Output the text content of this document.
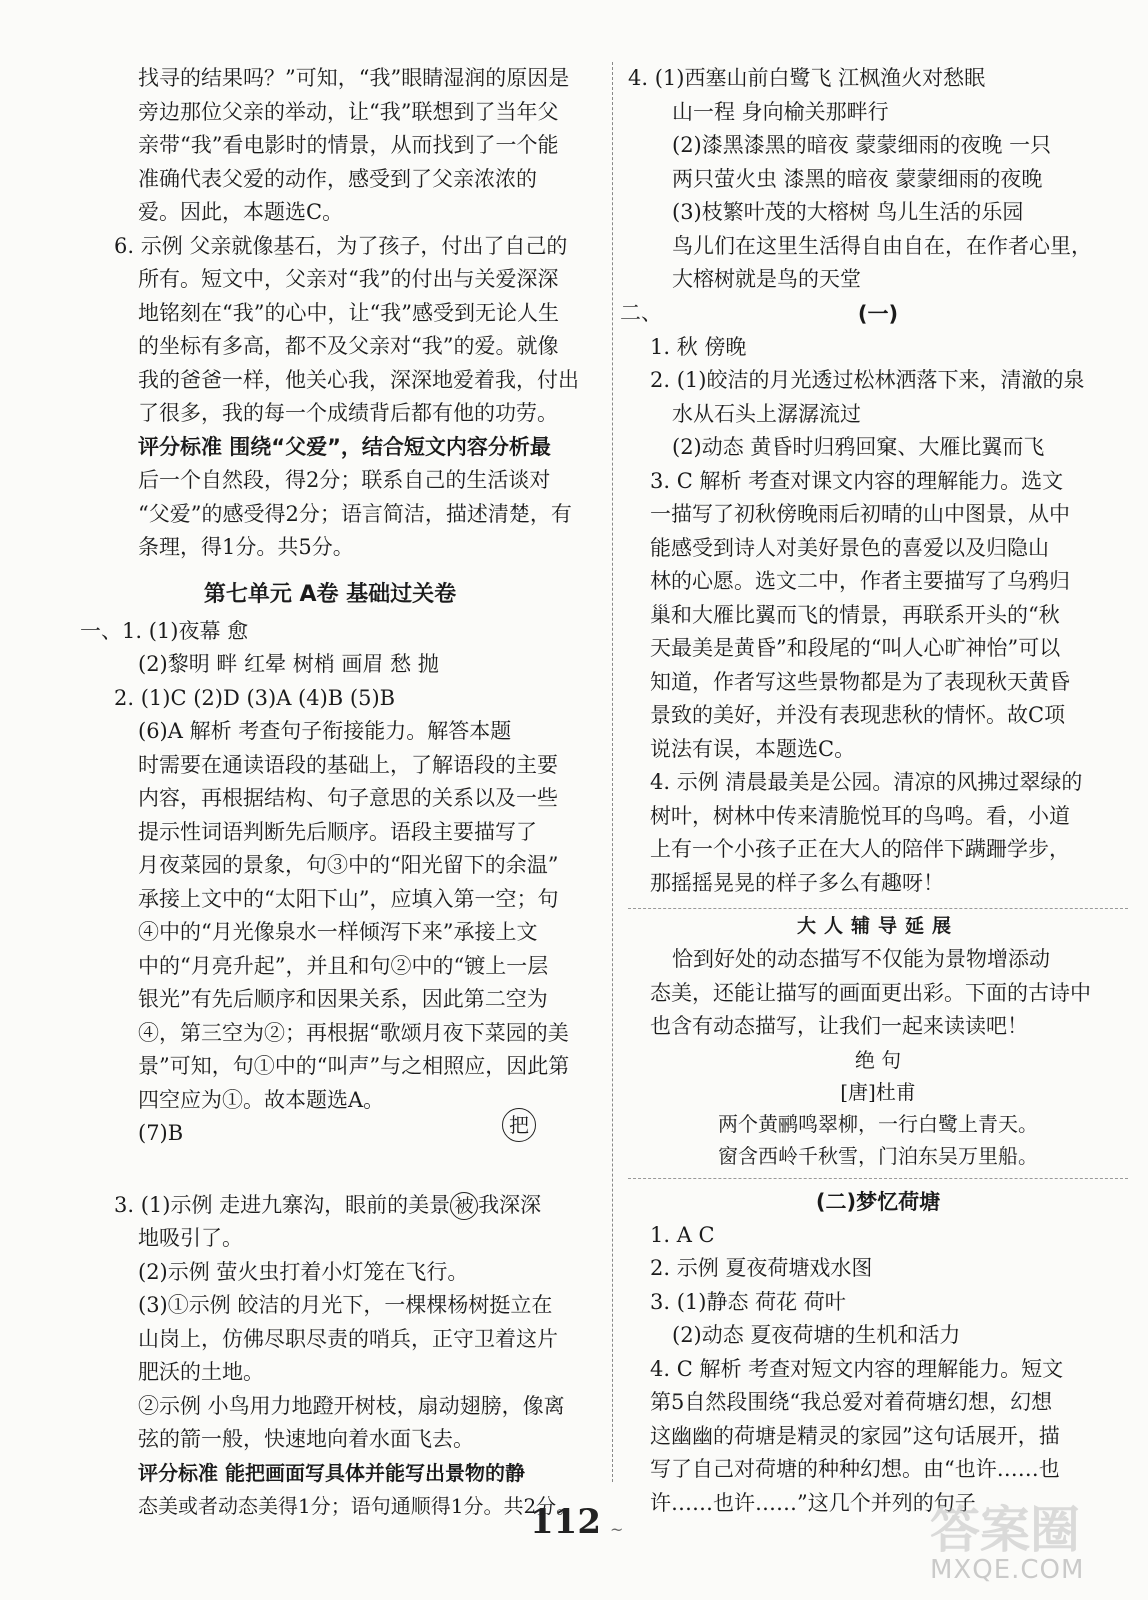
找寻的结果吗？”可知，“我”眼睛湿润的原因是
旁边那位父亲的举动，让“我”联想到了当年父
亲带“我”看电影时的情景，从而找到了一个能
准确代表父爱的动作，感受到了父亲浓浓的
爱。因此，本题选C。
6. 示例 父亲就像基石，为了孩子，付出了自己的
所有。短文中，父亲对“我”的付出与关爱深深
地铭刻在“我”的心中，让“我”感受到无论人生
的坐标有多高，都不及父亲对“我”的爱。就像
我的爸爸一样，他关心我，深深地爱着我，付出
了很多，我的每一个成绩背后都有他的功劳。
评分标准 围绕“父爱”，结合短文内容分析最
后一个自然段，得2分；联系自己的生活谈对
“父爱”的感受得2分；语言简洁，描述清楚，有
条理，得1分。共5分。
第七单元 A卷 基础过关卷
一、1. (1)夜幕 愈
(2)黎明 畔 红晕 树梢 画眉 愁 抛
2. (1)C (2)D (3)A (4)B (5)B
(6)A 解析 考查句子衔接能力。解答本题
时需要在通读语段的基础上，了解语段的主要
内容，再根据结构、句子意思的关系以及一些
提示性词语判断先后顺序。语段主要描写了
月夜菜园的景象，句③中的“阳光留下的余温”
承接上文中的“太阳下山”，应填入第一空；句
④中的“月光像泉水一样倾泻下来”承接上文
中的“月亮升起”，并且和句②中的“镀上一层
银光”有先后顺序和因果关系，因此第二空为
④，第三空为②；再根据“歌颂月夜下菜园的美
景”可知，句①中的“叫声”与之相照应，因此第
四空应为①。故本题选A。
(7)B
3. (1)示例 走进九寨沟，眼前的美景 被 我深深
地吸引了。
(2)示例 萤火虫打着小灯笼在飞行。
(3)①示例 皎洁的月光下，一棵棵杨树挺立在
山岗上，仿佛尽职尽责的哨兵，正守卫着这片
肥沃的土地。
②示例 小鸟用力地蹬开树枝，扇动翅膀，像离
弦的箭一般，快速地向着水面飞去。
评分标准 能把画面写具体并能写出景物的静
态美或者动态美得1分；语句通顺得1分。共2分。
把
4. (1)西塞山前白鹭飞 江枫渔火对愁眠
山一程 身向榆关那畔行
(2)漆黑漆黑的暗夜 蒙蒙细雨的夜晚 一只
两只萤火虫 漆黑的暗夜 蒙蒙细雨的夜晚
(3)枝繁叶茂的大榕树 鸟儿生活的乐园
鸟儿们在这里生活得自由自在，在作者心里，
大榕树就是鸟的天堂
二、	(一)
1. 秋 傍晚
2. (1)皎洁的月光透过松林洒落下来，清澈的泉
水从石头上潺潺流过
(2)动态 黄昏时归鸦回窠、大雁比翼而飞
3. C 解析 考查对课文内容的理解能力。选文
一描写了初秋傍晚雨后初晴的山中图景，从中
能感受到诗人对美好景色的喜爱以及归隐山
林的心愿。选文二中，作者主要描写了乌鸦归
巢和大雁比翼而飞的情景，再联系开头的“秋
天最美是黄昏”和段尾的“叫人心旷神怡”可以
知道，作者写这些景物都是为了表现秋天黄昏
景致的美好，并没有表现悲秋的情怀。故C项
说法有误，本题选C。
4. 示例 清晨最美是公园。清凉的风拂过翠绿的
树叶，树林中传来清脆悦耳的鸟鸣。看，小道
上有一个小孩子正在大人的陪伴下蹒跚学步，
那摇摇晃晃的样子多么有趣呀！
大人辅导延展
恰到好处的动态描写不仅能为景物增添动
态美，还能让描写的画面更出彩。下面的古诗中
也含有动态描写，让我们一起来读读吧！
绝 句
[唐]杜甫
两个黄鹂鸣翠柳，一行白鹭上青天。
窗含西岭千秋雪，门泊东吴万里船。
(二)梦忆荷塘
1. A C
2. 示例 夏夜荷塘戏水图
3. (1)静态 荷花 荷叶
(2)动态 夏夜荷塘的生机和活力
4. C 解析 考查对短文内容的理解能力。短文
第5自然段围绕“我总爱对着荷塘幻想，幻想
这幽幽的荷塘是精灵的家园”这句话展开，描
写了自己对荷塘的种种幻想。由“也许……也
许……也许……”这几个并列的句子
112 ~	答案圈
MXQE.COM
